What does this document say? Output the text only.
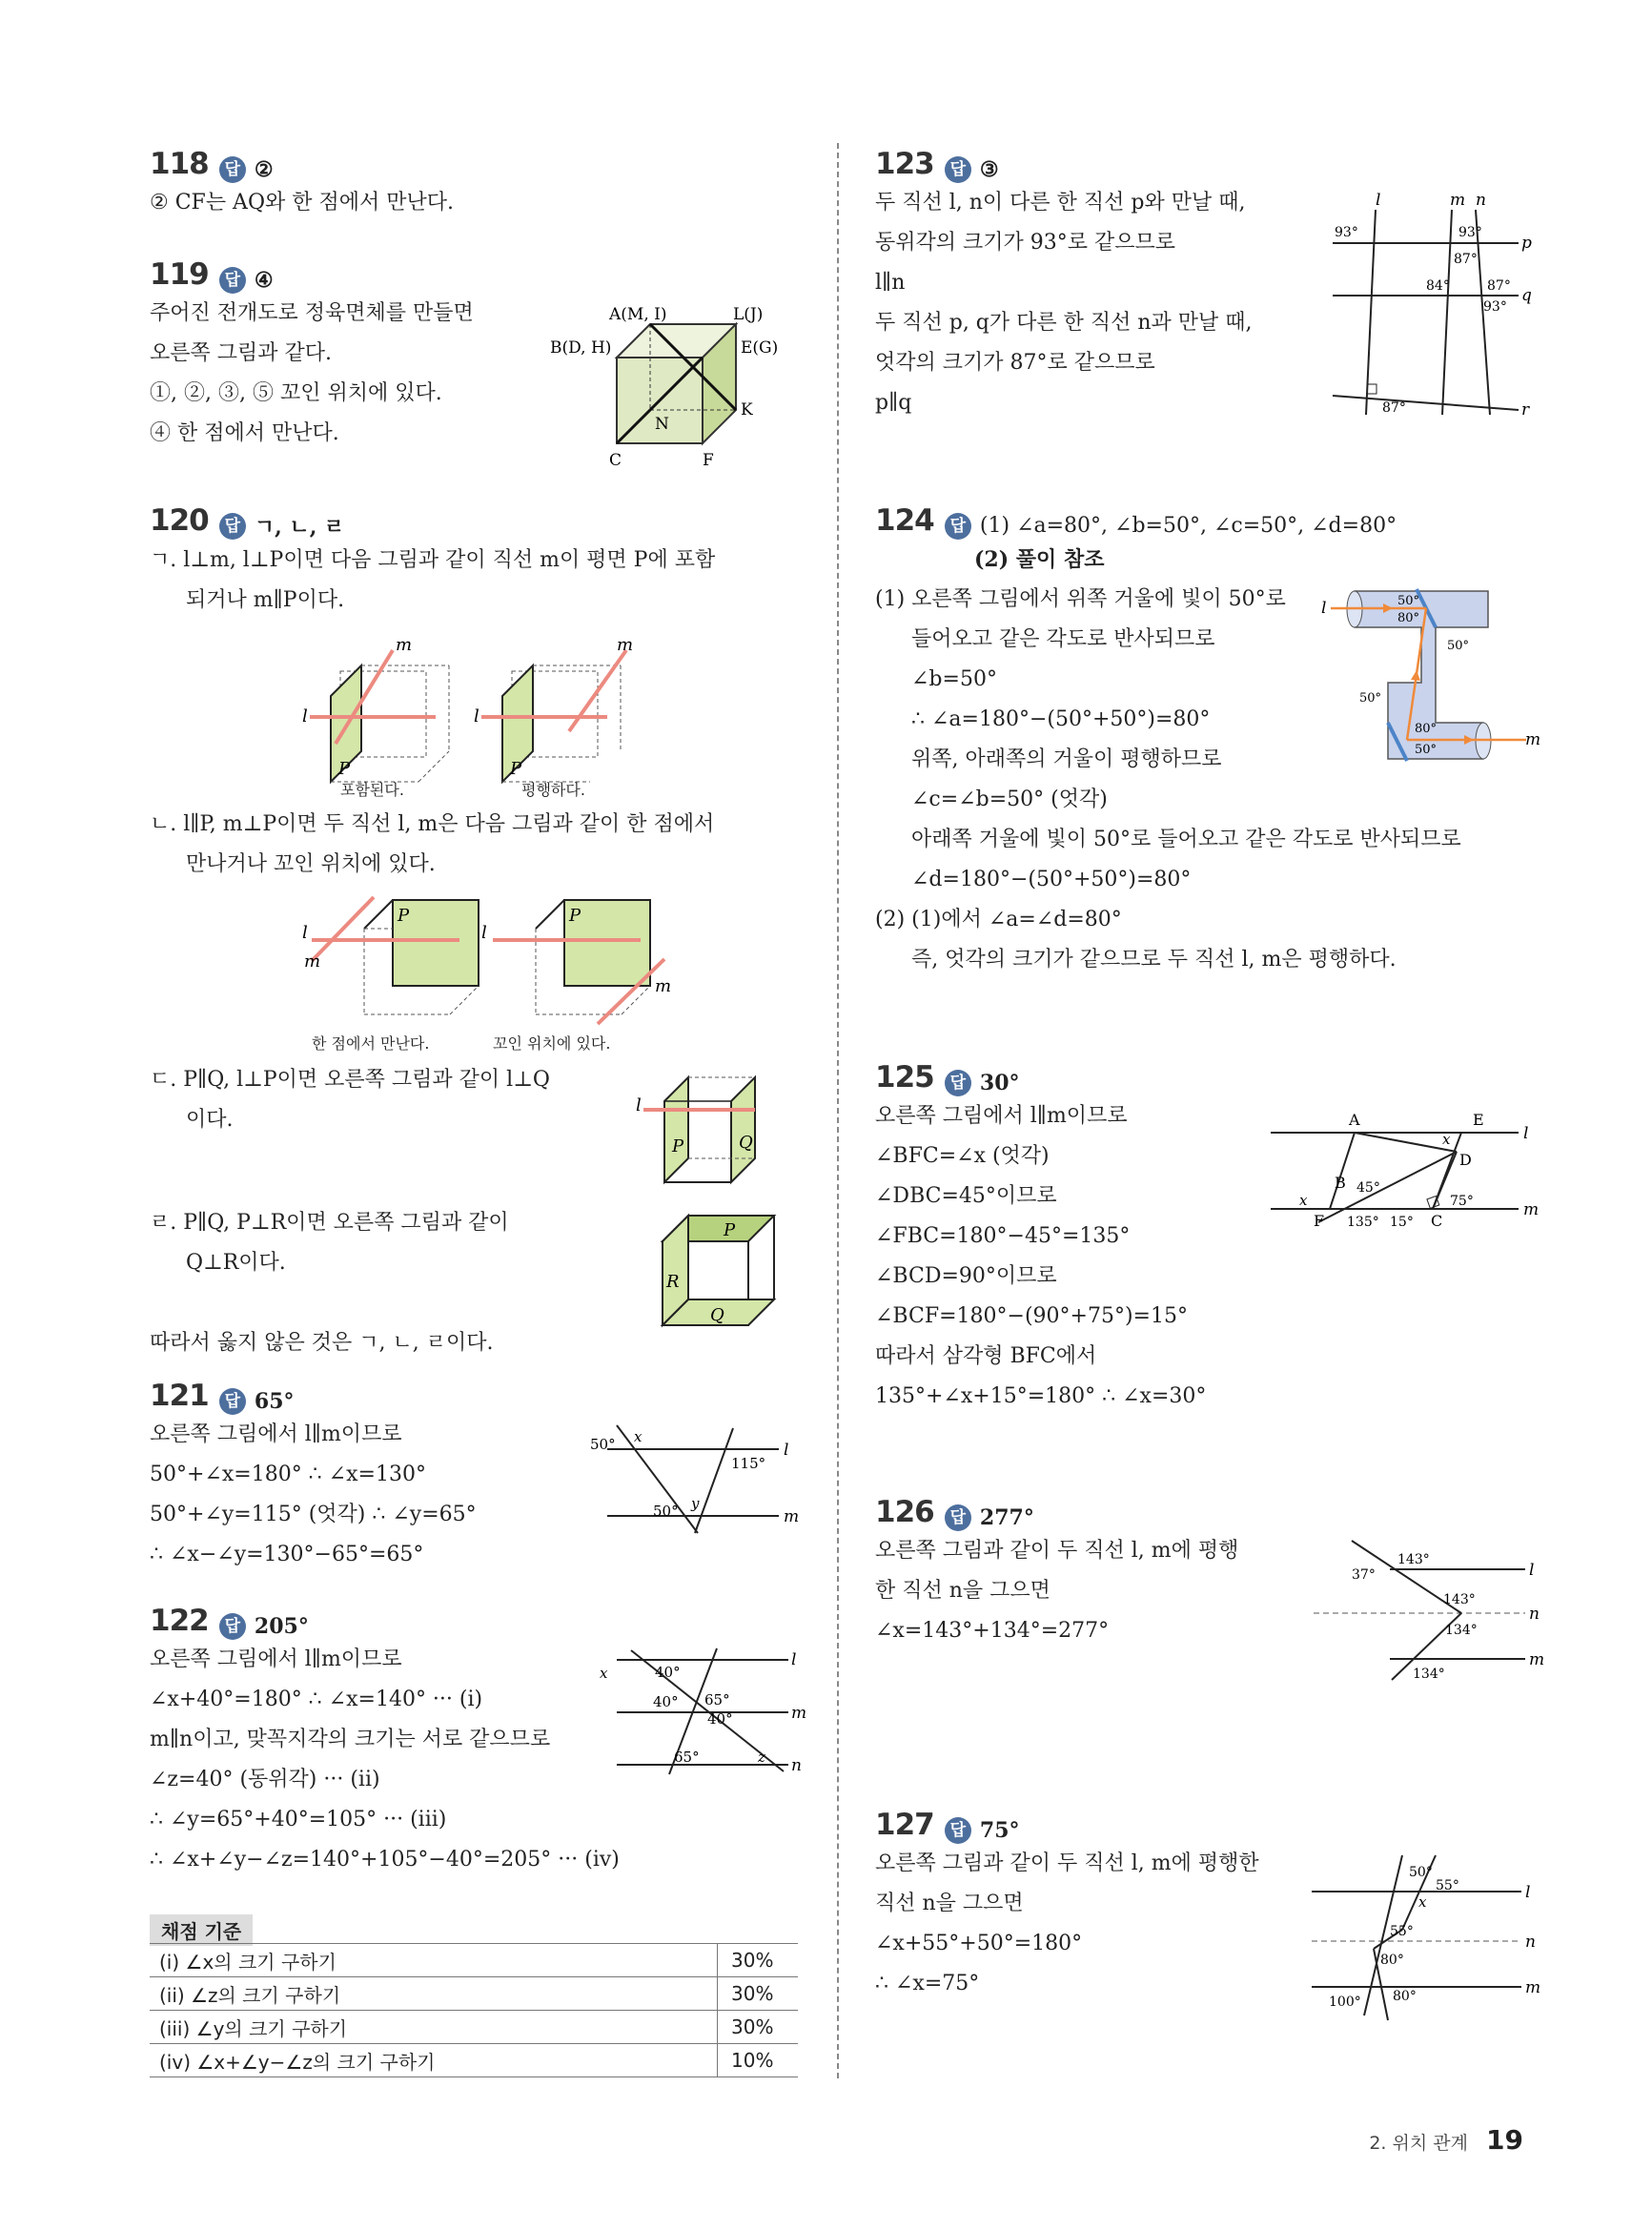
118 답 ②
② CF는 AQ와 한 점에서 만난다.
119 답 ④
주어진 전개도로 정육면체를 만들면
오른쪽 그림과 같다.
①, ②, ③, ⑤ 꼬인 위치에 있다.
④ 한 점에서 만난다.
A(M, I)	L(J)
B(D, H)	E(G)
K
N
C	F
120 답 ㄱ, ㄴ, ㄹ
ㄱ. l⊥m, l⊥P이면 다음 그림과 같이 직선 m이 평면 P에 포함
되거나 m∥P이다.
l
m
P
l
m
P
포함된다.	평행하다.
ㄴ. l∥P, m⊥P이면 두 직선 l, m은 다음 그림과 같이 한 점에서
만나거나 꼬인 위치에 있다.
l
m
P
l
m
P
한 점에서 만난다.	꼬인 위치에 있다.
ㄷ. P∥Q, l⊥P이면 오른쪽 그림과 같이 l⊥Q
이다.
l
P	Q
ㄹ. P∥Q, P⊥R이면 오른쪽 그림과 같이
Q⊥R이다.
P
R
Q
따라서 옳지 않은 것은 ㄱ, ㄴ, ㄹ이다.
121 답 65°
오른쪽 그림에서 l∥m이므로
50°+∠x=180° ∴ ∠x=130°
50°+∠y=115° (엇각) ∴ ∠y=65°
∴ ∠x−∠y=130°−65°=65°
50° x
l
115°
y
50°	m
122 답 205°
오른쪽 그림에서 l∥m이므로
∠x+40°=180° ∴ ∠x=140° ··· (i)
m∥n이고, 맞꼭지각의 크기는 서로 같으므로
∠z=40° (동위각) ··· (ii)
∴ ∠y=65°+40°=105° ··· (iii)
∴ ∠x+∠y−∠z=140°+105°−40°=205° ··· (iv)
x	40°
l
65°
40°
m
40°
65°	z n
채점 기준
(i) ∠x의 크기 구하기	30%
(ii) ∠z의 크기 구하기	30%
(iii) ∠y의 크기 구하기	30%
(iv) ∠x+∠y−∠z의 크기 구하기	10%
123 답 ③
두 직선 l, n이 다른 한 직선 p와 만날 때,
동위각의 크기가 93°로 같으므로
l∥n
두 직선 p, q가 다른 한 직선 n과 만날 때,
엇각의 크기가 87°로 같으므로
p∥q
l	m n
93°	93°
p
87°
84°	87° q
93°
87°	r
124 답 (1) ∠a=80°, ∠b=50°, ∠c=50°, ∠d=80°
(2) 풀이 참조
(1) 오른쪽 그림에서 위쪽 거울에 빛이 50°로
들어오고 같은 각도로 반사되므로
∠b=50°
∴ ∠a=180°−(50°+50°)=80°
위쪽, 아래쪽의 거울이 평행하므로
∠c=∠b=50° (엇각)
아래쪽 거울에 빛이 50°로 들어오고 같은 각도로 반사되므로
∠d=180°−(50°+50°)=80°
(2) (1)에서 ∠a=∠d=80°
즉, 엇각의 크기가 같으므로 두 직선 l, m은 평행하다.
l	50°
80°
50°
50°
80°
50°
m
125 답 30°
오른쪽 그림에서 l∥m이므로
∠BFC=∠x (엇각)
∠DBC=45°이므로
∠FBC=180°−45°=135°
∠BCD=90°이므로
∠BCF=180°−(90°+75°)=15°
따라서 삼각형 BFC에서
135°+∠x+15°=180° ∴ ∠x=30°
A	E
x	l
D
B 45°
x	75°	m
F 135° 15° C
126 답 277°
오른쪽 그림과 같이 두 직선 l, m에 평행
한 직선 n을 그으면
∠x=143°+134°=277°
37°
143°
l
143°
n
134°
134°
m
127 답 75°
오른쪽 그림과 같이 두 직선 l, m에 평행한
직선 n을 그으면
∠x+55°+50°=180°
∴ ∠x=75°
50°
55°	l
x
55°
n
80°
100° 80°	m
2. 위치 관계 19
